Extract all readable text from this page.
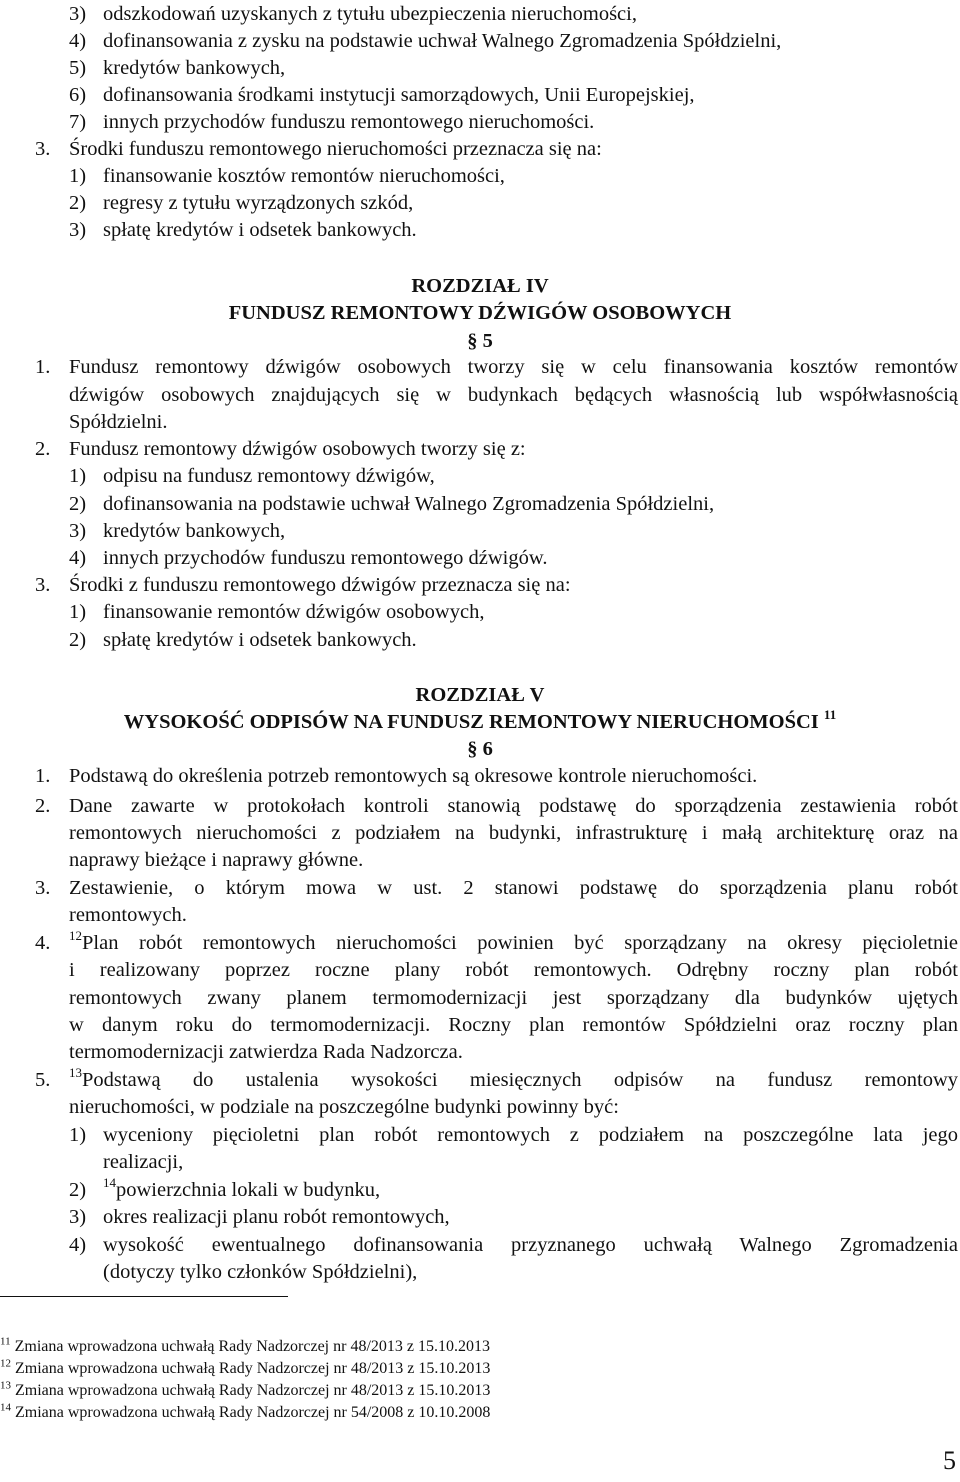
3) odszkodowań uzyskanych z tytułu ubezpieczenia nieruchomości,
4) dofinansowania z zysku na podstawie uchwał Walnego Zgromadzenia Spółdzielni,
5) kredytów bankowych,
6) dofinansowania środkami instytucji samorządowych, Unii Europejskiej,
7) innych przychodów funduszu remontowego nieruchomości.
3. Środki funduszu remontowego nieruchomości przeznacza się na:
1) finansowanie kosztów remontów nieruchomości,
2) regresy z tytułu wyrządzonych szkód,
3) spłatę kredytów i odsetek bankowych.
ROZDZIAŁ IV
FUNDUSZ REMONTOWY DŹWIGÓW OSOBOWYCH
§ 5
1. Fundusz remontowy dźwigów osobowych tworzy się w celu finansowania kosztów remontów
dźwigów osobowych znajdujących się w budynkach będących własnością lub współwłasnością
Spółdzielni.
2. Fundusz remontowy dźwigów osobowych tworzy się z:
1) odpisu na fundusz remontowy dźwigów,
2) dofinansowania na podstawie uchwał Walnego Zgromadzenia Spółdzielni,
3) kredytów bankowych,
4) innych przychodów funduszu remontowego dźwigów.
3. Środki z funduszu remontowego dźwigów przeznacza się na:
1) finansowanie remontów dźwigów osobowych,
2) spłatę kredytów i odsetek bankowych.
ROZDZIAŁ V
WYSOKOŚĆ ODPISÓW NA FUNDUSZ REMONTOWY NIERUCHOMOŚCI $^{11}$
§ 6
1. Podstawą do określenia potrzeb remontowych są okresowe kontrole nieruchomości.
2. Dane zawarte w protokołach kontroli stanowią podstawę do sporządzenia zestawienia robót
remontowych nieruchomości z podziałem na budynki, infrastrukturę i małą architekturę oraz na
naprawy bieżące i naprawy główne.
3. Zestawienie, o którym mowa w ust. 2 stanowi podstawę do sporządzenia planu robót
remontowych.
4. $^{12}$Plan robót remontowych nieruchomości powinien być sporządzany na okresy pięcioletnie
i realizowany poprzez roczne plany robót remontowych. Odrębny roczny plan robót
remontowych zwany planem termomodernizacji jest sporządzany dla budynków ujętych
w danym roku do termomodernizacji. Roczny plan remontów Spółdzielni oraz roczny plan
termomodernizacji zatwierdza Rada Nadzorcza.
5. $^{13}$Podstawą do ustalenia wysokości miesięcznych odpisów na fundusz remontowy
nieruchomości, w podziale na poszczególne budynki powinny być:
1) wyceniony pięcioletni plan robót remontowych z podziałem na poszczególne lata jego
realizacji,
2) $^{14}$powierzchnia lokali w budynku,
3) okres realizacji planu robót remontowych,
4) wysokość ewentualnego dofinansowania przyznanego uchwałą Walnego Zgromadzenia
(dotyczy tylko członków Spółdzielni),
$^{11}$ Zmiana wprowadzona uchwałą Rady Nadzorczej nr 48/2013 z 15.10.2013
$^{12}$ Zmiana wprowadzona uchwałą Rady Nadzorczej nr 48/2013 z 15.10.2013
$^{13}$ Zmiana wprowadzona uchwałą Rady Nadzorczej nr 48/2013 z 15.10.2013
$^{14}$ Zmiana wprowadzona uchwałą Rady Nadzorczej nr 54/2008 z 10.10.2008
5
